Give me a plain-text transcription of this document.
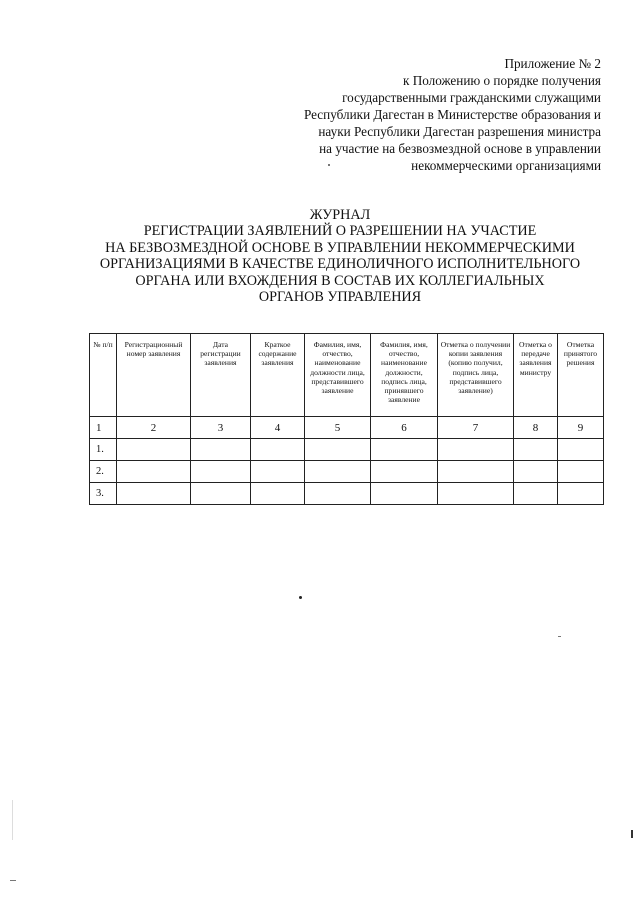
Приложение № 2
к Положению о порядке получения
государственными гражданскими служащими
Республики Дагестан в Министерстве образования и
науки Республики Дагестан разрешения министра
на участие на безвозмездной основе в управлении
некоммерческими организациями
ЖУРНАЛ
РЕГИСТРАЦИИ ЗАЯВЛЕНИЙ О РАЗРЕШЕНИИ НА УЧАСТИЕ
НА БЕЗВОЗМЕЗДНОЙ ОСНОВЕ В УПРАВЛЕНИИ НЕКОММЕРЧЕСКИМИ
ОРГАНИЗАЦИЯМИ В КАЧЕСТВЕ ЕДИНОЛИЧНОГО ИСПОЛНИТЕЛЬНОГО
ОРГАНА ИЛИ ВХОЖДЕНИЯ В СОСТАВ ИХ КОЛЛЕГИАЛЬНЫХ
ОРГАНОВ УПРАВЛЕНИЯ
№ п/п	Регистрационный номер заявления	Дата регистрации заявления	Краткое содержание заявления	Фамилия, имя, отчество, наименование должности лица, представившего заявление	Фамилия, имя, отчество, наименование должности, подпись лица, принявшего заявление	Отметка о получении копии заявления (копию получил, подпись лица, представившего заявление)	Отметка о передаче заявления министру	Отметка принятого решения
1	2	3	4	5	6	7	8	9
1.								
2.								
3.								
